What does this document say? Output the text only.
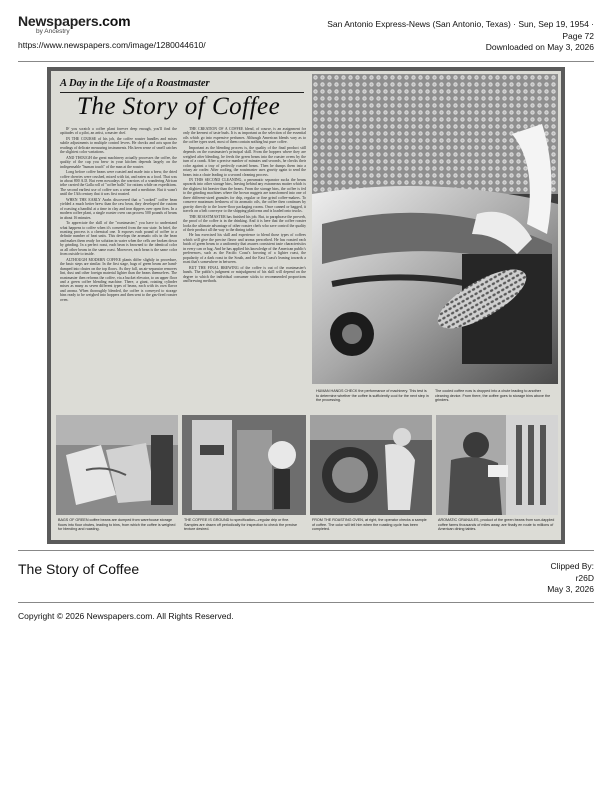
Newspapers.com
by Ancestry
https://www.newspapers.com/image/1280044610/
San Antonio Express-News (San Antonio, Texas) · Sun, Sep 19, 1954 ·
Page 72
Downloaded on May 3, 2026
A Day in the Life of a Roastmaster
The Story of Coffee

IF you scratch a coffee plant forever deep enough, you'll find the aptitudes of a pilot, an artist, a master chef.

IN THE COURSE of his job, the coffee roaster handles and mixes subtle adjustments to multiple control levers. He checks and acts upon the readings of delicate measuring instruments. His keen sense of smell catches the slightest color variations.

AND THOUGH the great machinery actually processes the coffee, the quality of the cup you brew in your kitchen depends largely on the indispensable "human touch" of the man at the roaster.

Long before coffee beans were roasted and made into a brew, the dried coffee cherries were crushed, mixed with fat, and eaten as a food. That was in about 800 A.D. But even nowadays the warriors of a wandering African tribe carried the Galla roll of "coffee balls" for rations while on expeditions. The second earliest use of coffee was a wine and a medicine. But it wasn't until the 13th century that it was first roasted.

WHEN THE EARLY Arabs discovered that a "cooked" coffee bean yielded a much better brew than the raw bean, they developed the custom of roasting a handful at a time in clay and iron dippers over open fires. In a modern coffee plant, a single roaster oven can process 500 pounds of beans in about 16 minutes.

To appreciate the skill of the "roastmaster," you have to understand what happens to coffee when it's converted from the raw state. In brief, the roasting process is a chemical one. It exposes each pound of coffee to a definite number of heat units. This develops the aromatic oils in the bean and makes them ready for solution in water when the cells are broken down by grinding. In a perfect roast, each bean is browned to the identical color as all other beans in the same roast. Moreover, each bean is the same color from outside to inside.

ALTHOUGH MODERN COFFEE plants differ slightly in procedure, the basic steps are similar. In the first stage, bags of green beans are hand-dumped into chutes on the top floors. As they fall, an air-separator removes lint, dust and other foreign material lighter than the beans themselves. The roastmaster then reforms the coffee, via a bucket elevator, to an upper floor and a green coffee blending machine. There, a giant, rotating cylinder mixes as many as seven different types of beans, each with its own flavor and aroma. When thoroughly blended, the coffee is conveyed to storage bins ready to be weighed into hoppers and then sent to the gas-fired roaster oven.

THE CREATION OF A COFFEE blend, of course, is an assignment for only the keenest of taste buds. It is as important as the selection of the essential oils which go into expensive perfumes. Although American blends vary as to the coffee types used, most of them contain nothing but pure coffee.

Important as the blending process is, the quality of the final product still depends on the roastmaster's principal skill. From the hoppers where they are weighed after blending, he feeds the green beans into the roaster ovens by the turn of a crank. After a precise number of minutes and seconds, he checks their color against a tray of perfectly roasted beans. Then he dumps them into a rotary air cooler. After cooling, the roastmaster uses gravity again to send the beans into a chute leading to a second cleaning process.

IN THIS SECOND CLEANING, a pneumatic separator sucks the beans upwards into other storage bins, leaving behind any extraneous matter which is the slightest bit heavier than the beans. From the storage bins, the coffee is fed to the grinding machines where the brown nuggets are transformed into one of three different-sized granules for drip, regular or fine grind coffee-makers. To conserve maximum freshness of its aromatic oils, the coffee then continues by gravity directly to the lower-floor packaging rooms. Once canned or bagged, it travels on a belt conveyor to the shipping platforms and is loaded onto trucks.

THE ROASTMASTER has finished his job. But, to paraphrase the proverb, the proof of the coffee is in the drinking. And it is here that the coffee roaster looks the ultimate advantage of other roaster chefs who save control the quality of their product all the way to the dining table.

He has exercised his skill and experience to blend those types of coffees which will give the precise flavor and aroma prescribed. He has roasted each batch of green beans to a uniformity that assures consistent taste characteristics in every can or bag. And he has applied his knowledge of the American public's preferences, such as the Pacific Coast's favoring of a lighter roast, the popularity of a dark roast in the South, and the East Coast's leaning towards a roast that's somewhere in between.

BUT THE FINAL BREWING of the coffee is out of the roastmaster's hands. The public's judgment or misjudgment of his skill will depend on the degree to which the individual consumer sticks to recommended proportions and brewing methods.

HUMAN HANDS CHECK the performance of machinery. This test is to determine whether the coffee is sufficiently cool for the next step in the processing.
The cooled coffee now is dropped into a chute leading to another cleaning device. From there, the coffee goes to storage bins above the grinders.
BAGS OF GREEN coffee beans are dumped from warehouse storage floors into floor chutes, leading to bins, from which the coffee is weighed for blending and roasting.
THE COFFEE IS GROUND to specification—regular drip or fine. Samples are drawn off periodically for inspection to check the precise texture desired.
FROM THE ROASTING OVEN, at right, the operator checks a sample of coffee. The color will tell him when the roasting cycle has been completed.
AROMATIC GRANULES, product of the green beans from sun-dappled coffee farms thousands of miles away, are finally en route to millions of American dining tables.
The Story of Coffee	Clipped By:
r26D
May 3, 2026
Copyright © 2026 Newspapers.com. All Rights Reserved.
